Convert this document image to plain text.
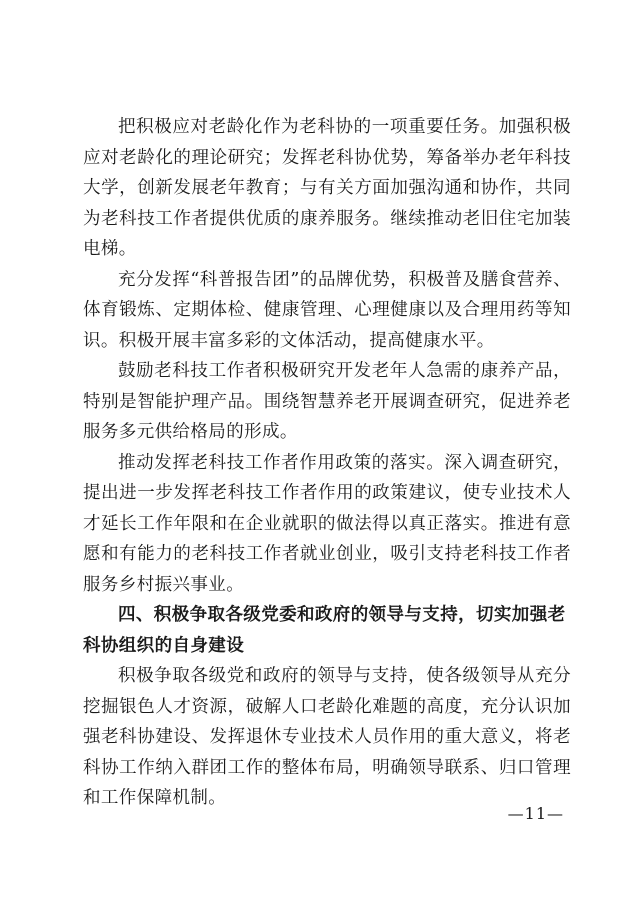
把积极应对老龄化作为老科协的一项重要任务。加强积极应对老龄化的理论研究；发挥老科协优势，筹备举办老年科技大学，创新发展老年教育；与有关方面加强沟通和协作，共同为老科技工作者提供优质的康养服务。继续推动老旧住宅加装电梯。

充分发挥“科普报告团”的品牌优势，积极普及膳食营养、体育锻炼、定期体检、健康管理、心理健康以及合理用药等知识。积极开展丰富多彩的文体活动，提高健康水平。

鼓励老科技工作者积极研究开发老年人急需的康养产品，特别是智能护理产品。围绕智慧养老开展调查研究，促进养老服务多元供给格局的形成。

推动发挥老科技工作者作用政策的落实。深入调查研究，提出进一步发挥老科技工作者作用的政策建议，使专业技术人才延长工作年限和在企业就职的做法得以真正落实。推进有意愿和有能力的老科技工作者就业创业，吸引支持老科技工作者服务乡村振兴事业。

四、积极争取各级党委和政府的领导与支持，切实加强老科协组织的自身建设

积极争取各级党和政府的领导与支持，使各级领导从充分挖掘银色人才资源，破解人口老龄化难题的高度，充分认识加强老科协建设、发挥退休专业技术人员作用的重大意义，将老科协工作纳入群团工作的整体布局，明确领导联系、归口管理和工作保障机制。

—11—
